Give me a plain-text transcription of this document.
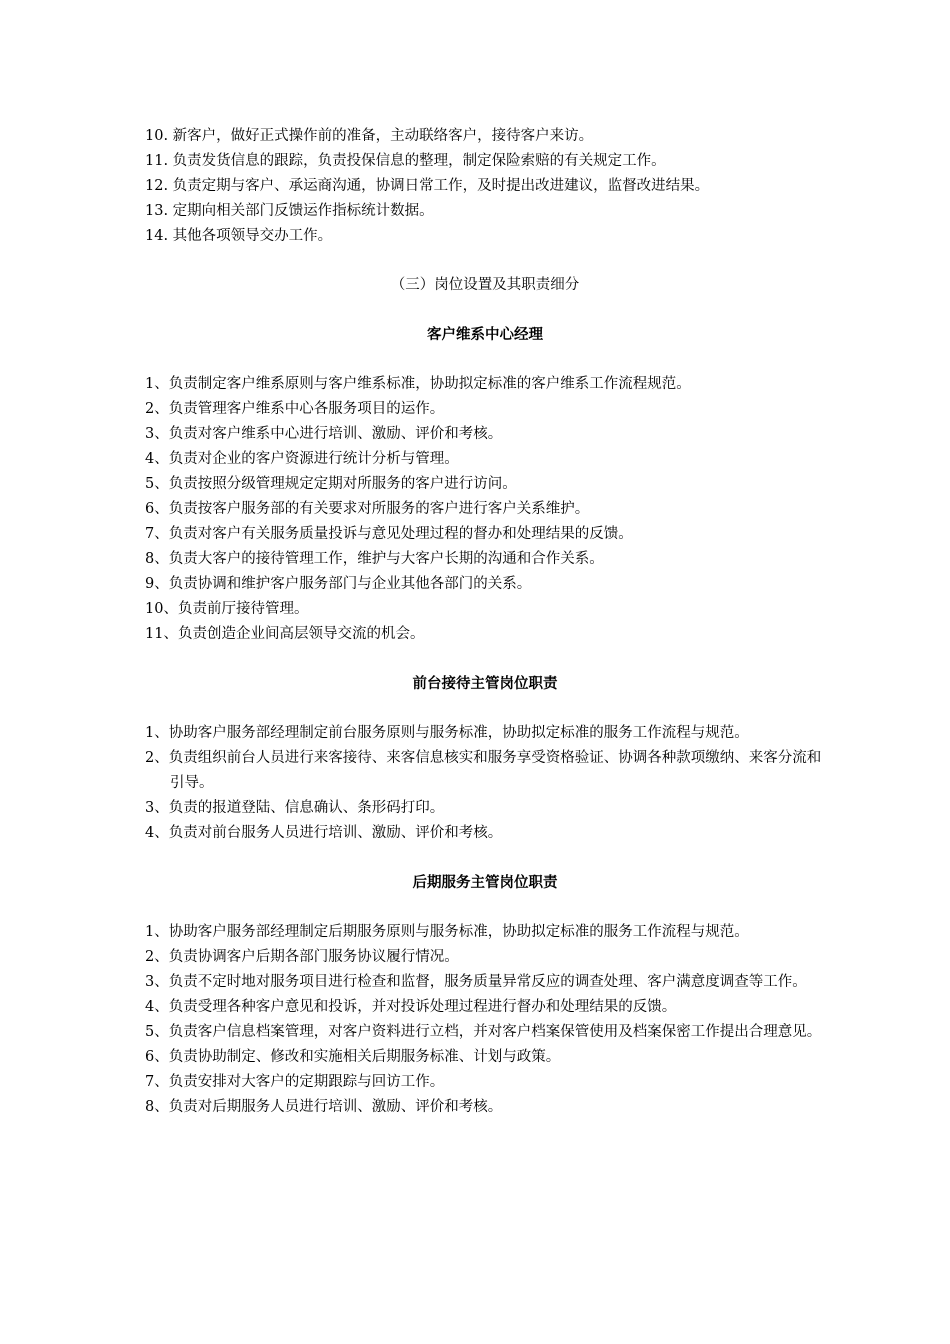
10. 新客户，做好正式操作前的准备，主动联络客户，接待客户来访。
11. 负责发货信息的跟踪，负责投保信息的整理，制定保险索赔的有关规定工作。
12. 负责定期与客户、承运商沟通，协调日常工作，及时提出改进建议，监督改进结果。
13. 定期向相关部门反馈运作指标统计数据。
14. 其他各项领导交办工作。
（三）岗位设置及其职责细分
客户维系中心经理
1、负责制定客户维系原则与客户维系标准，协助拟定标准的客户维系工作流程规范。
2、负责管理客户维系中心各服务项目的运作。
3、负责对客户维系中心进行培训、激励、评价和考核。
4、负责对企业的客户资源进行统计分析与管理。
5、负责按照分级管理规定定期对所服务的客户进行访问。
6、负责按客户服务部的有关要求对所服务的客户进行客户关系维护。
7、负责对客户有关服务质量投诉与意见处理过程的督办和处理结果的反馈。
8、负责大客户的接待管理工作，维护与大客户长期的沟通和合作关系。
9、负责协调和维护客户服务部门与企业其他各部门的关系。
10、负责前厅接待管理。
11、负责创造企业间高层领导交流的机会。
前台接待主管岗位职责
1、协助客户服务部经理制定前台服务原则与服务标准，协助拟定标准的服务工作流程与规范。
2、负责组织前台人员进行来客接待、来客信息核实和服务享受资格验证、协调各种款项缴纳、来客分流和引导。
3、负责的报道登陆、信息确认、条形码打印。
4、负责对前台服务人员进行培训、激励、评价和考核。
后期服务主管岗位职责
1、协助客户服务部经理制定后期服务原则与服务标准，协助拟定标准的服务工作流程与规范。
2、负责协调客户后期各部门服务协议履行情况。
3、负责不定时地对服务项目进行检查和监督，服务质量异常反应的调查处理、客户满意度调查等工作。
4、负责受理各种客户意见和投诉，并对投诉处理过程进行督办和处理结果的反馈。
5、负责客户信息档案管理，对客户资料进行立档，并对客户档案保管使用及档案保密工作提出合理意见。
6、负责协助制定、修改和实施相关后期服务标准、计划与政策。
7、负责安排对大客户的定期跟踪与回访工作。
8、负责对后期服务人员进行培训、激励、评价和考核。
